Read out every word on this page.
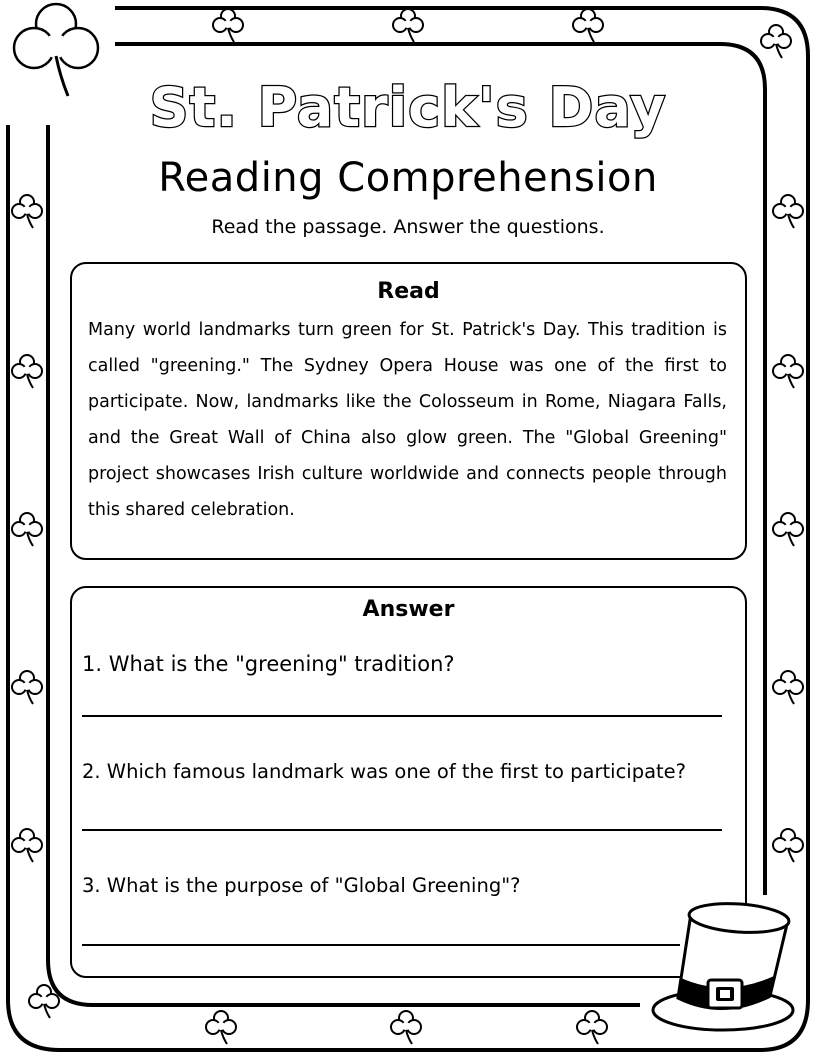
St. Patrick's Day
Reading Comprehension
Read the passage. Answer the questions.
Read
Many world landmarks turn green for St. Patrick's Day. This tradition is called "greening." The Sydney Opera House was one of the first to participate. Now, landmarks like the Colosseum in Rome, Niagara Falls, and the Great Wall of China also glow green. The "Global Greening" project showcases Irish culture worldwide and connects people through this shared celebration.
Answer
1. What is the "greening" tradition?
2. Which famous landmark was one of the first to participate?
3. What is the purpose of "Global Greening"?
